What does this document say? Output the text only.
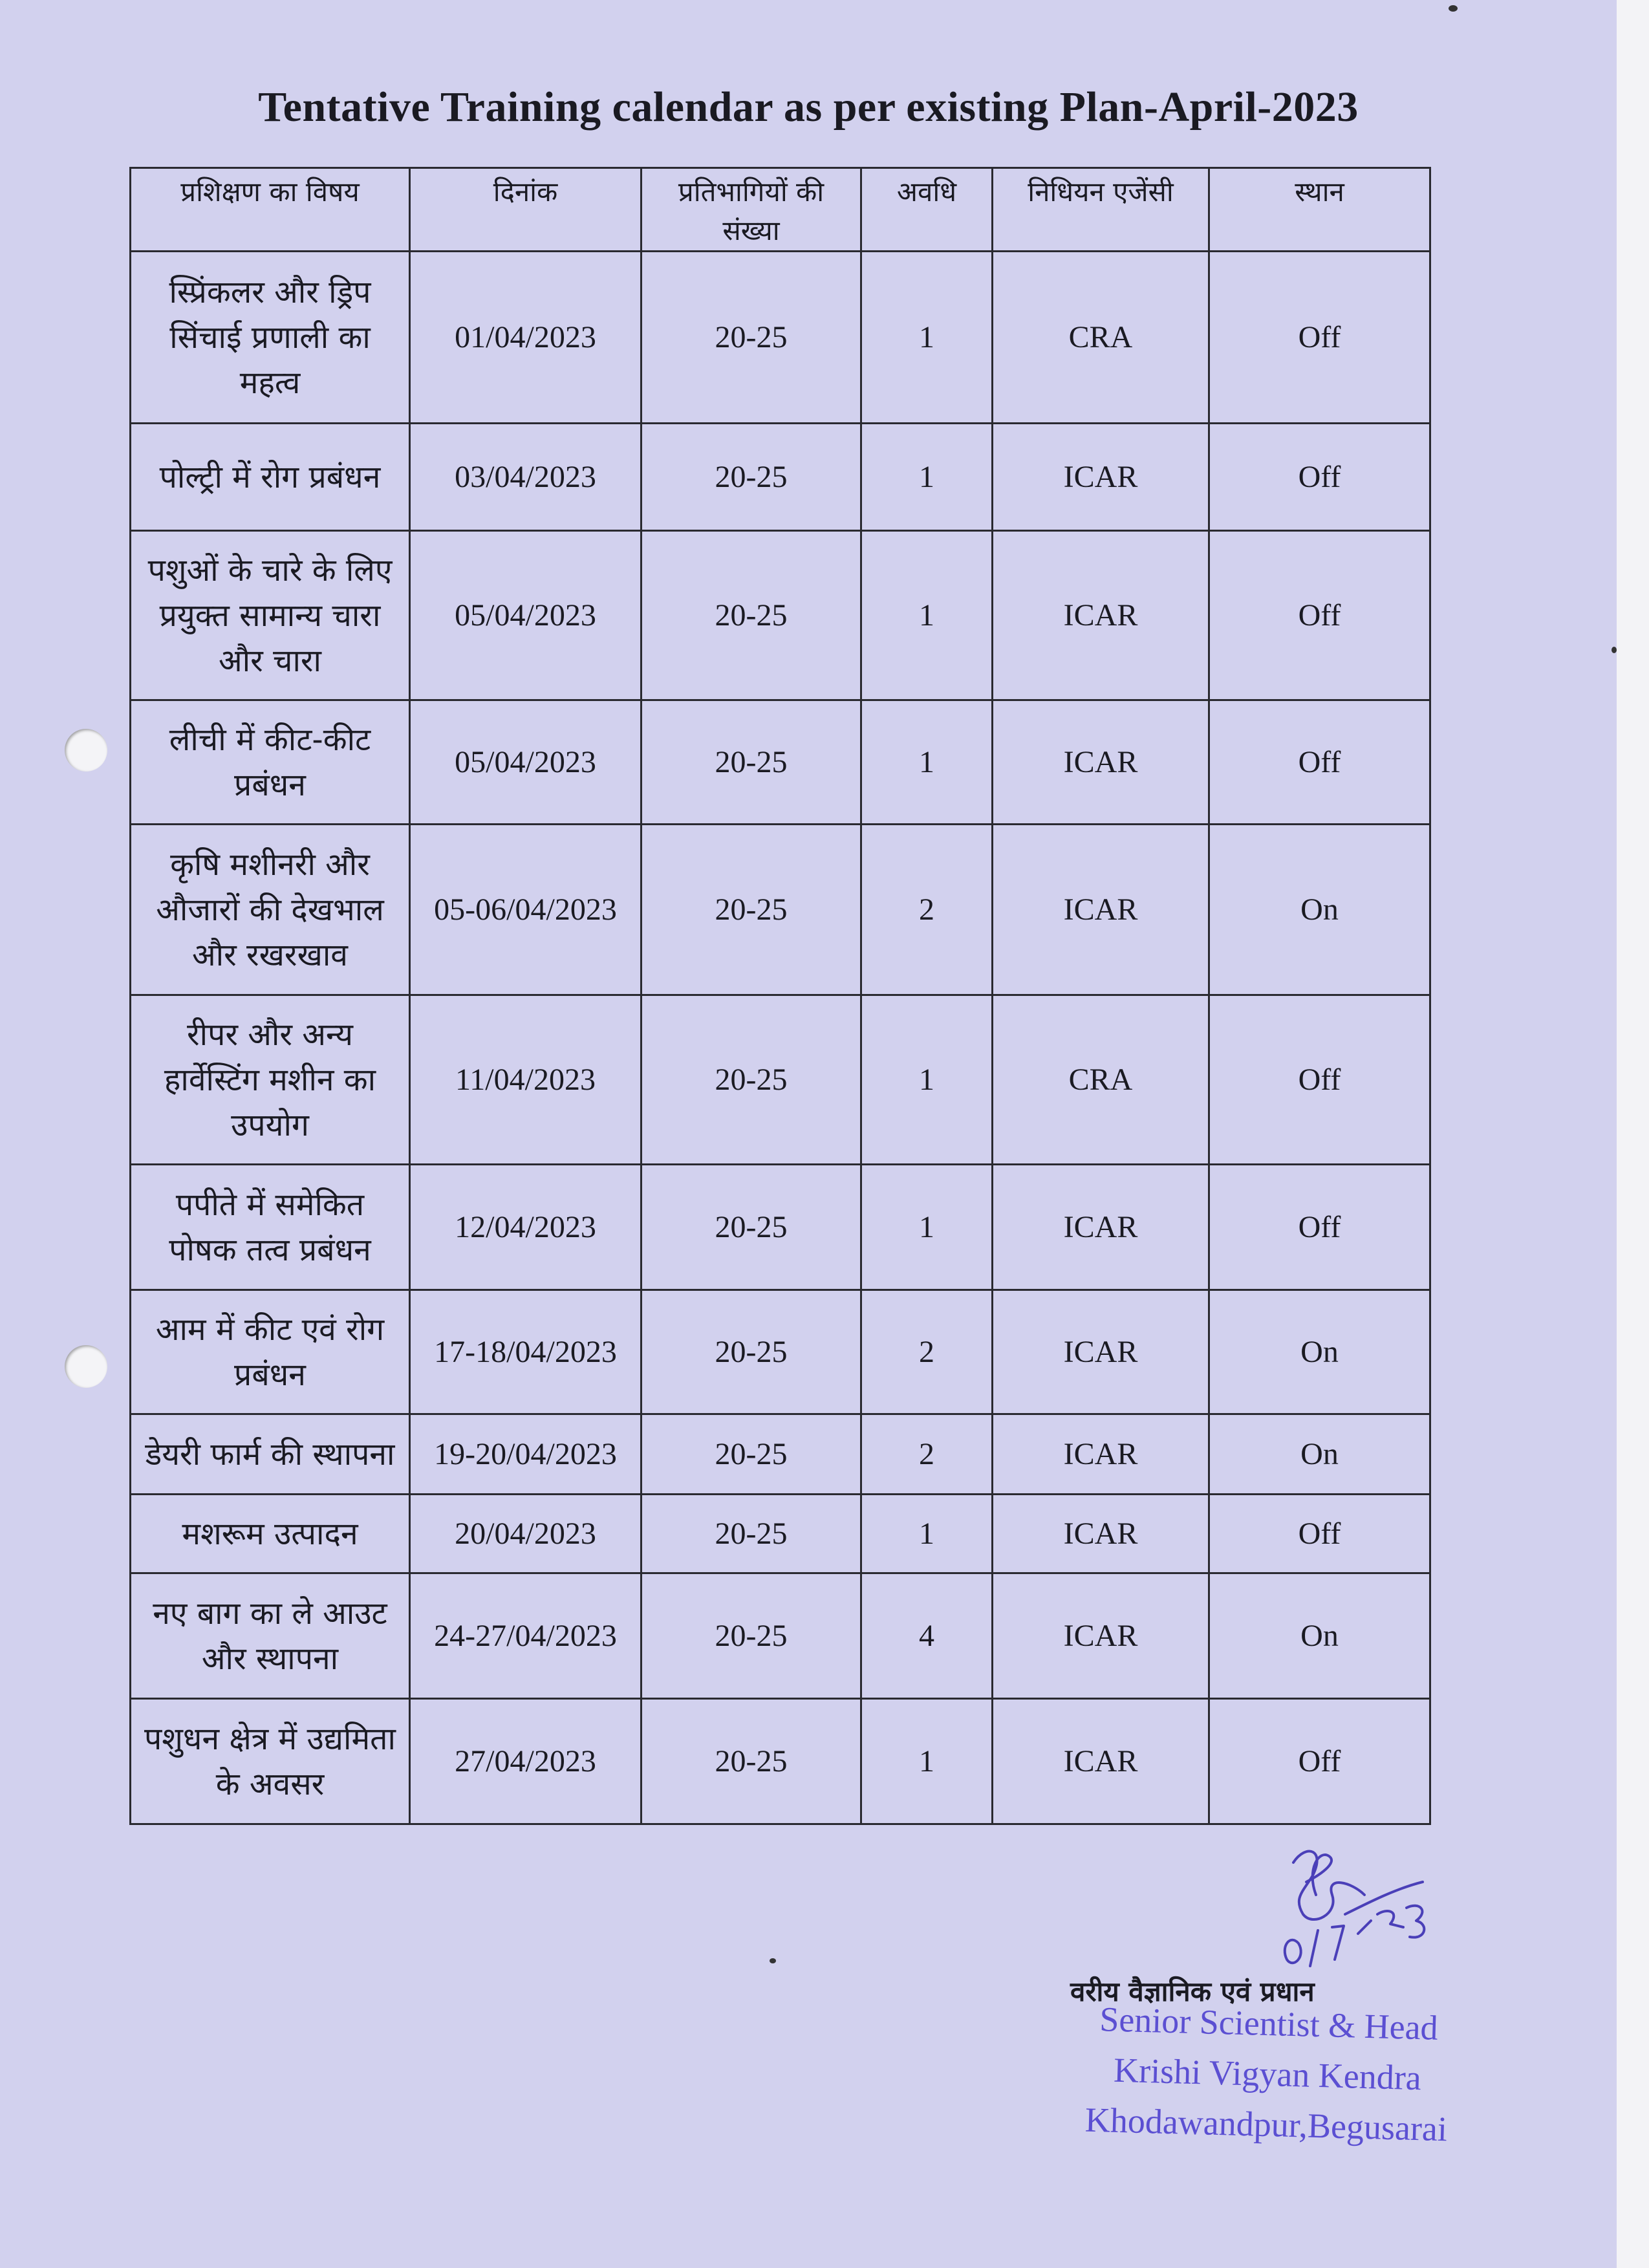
Tentative Training calendar as per existing Plan-April-2023
प्रशिक्षण का विषय	दिनांक	प्रतिभागियों की संख्या	अवधि	निधियन एजेंसी	स्थान
स्प्रिंकलर और ड्रिप सिंचाई प्रणाली का महत्व	01/04/2023	20-25	1	CRA	Off
पोल्ट्री में रोग प्रबंधन	03/04/2023	20-25	1	ICAR	Off
पशुओं के चारे के लिए प्रयुक्त सामान्य चारा और चारा	05/04/2023	20-25	1	ICAR	Off
लीची में कीट-कीट प्रबंधन	05/04/2023	20-25	1	ICAR	Off
कृषि मशीनरी और औजारों की देखभाल और रखरखाव	05-06/04/2023	20-25	2	ICAR	On
रीपर और अन्य हार्वेस्टिंग मशीन का उपयोग	11/04/2023	20-25	1	CRA	Off
पपीते में समेकित पोषक तत्व प्रबंधन	12/04/2023	20-25	1	ICAR	Off
आम में कीट एवं रोग प्रबंधन	17-18/04/2023	20-25	2	ICAR	On
डेयरी फार्म की स्थापना	19-20/04/2023	20-25	2	ICAR	On
मशरूम उत्पादन	20/04/2023	20-25	1	ICAR	Off
नए बाग का ले आउट और स्थापना	24-27/04/2023	20-25	4	ICAR	On
पशुधन क्षेत्र में उद्यमिता के अवसर	27/04/2023	20-25	1	ICAR	Off
01/4/23
वरीय वैज्ञानिक एवं प्रधान
Senior Scientist & Head
Krishi Vigyan Kendra
Khodawandpur,Begusarai
